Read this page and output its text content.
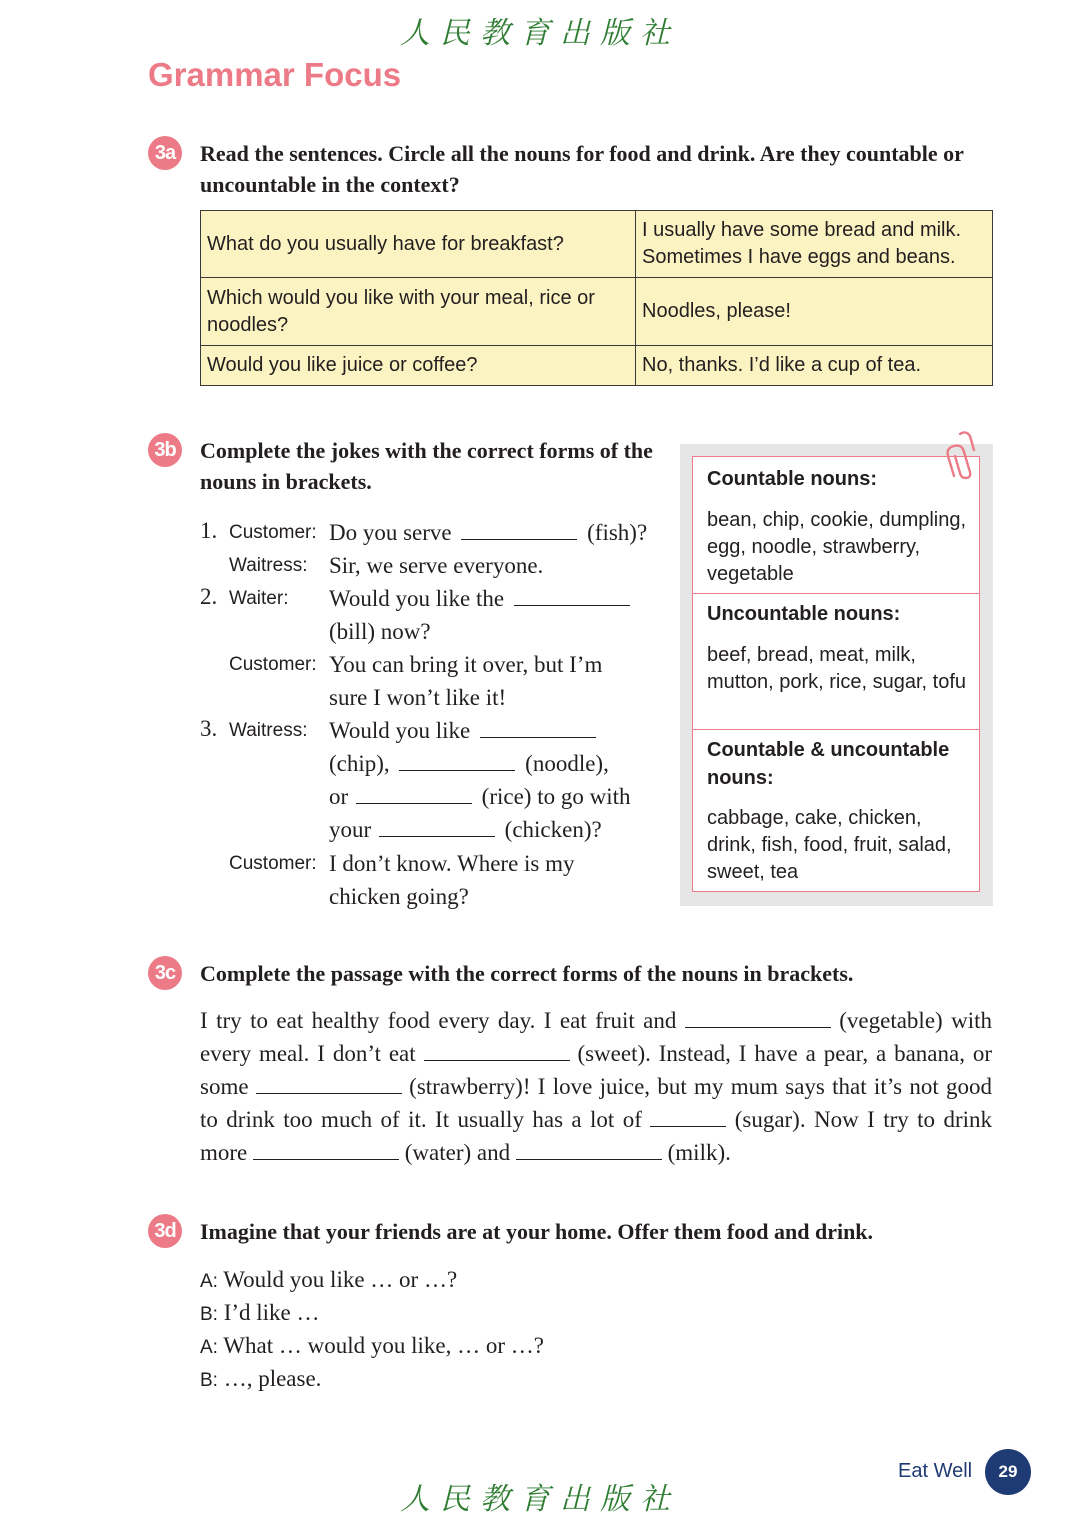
人民教育出版社
Grammar Focus
3a	Read the sentences. Circle all the nouns for food and drink. Are they countable or uncountable in the context?
What do you usually have for breakfast?	I usually have some bread and milk. Sometimes I have eggs and beans.
Which would you like with your meal, rice or noodles?	Noodles, please!
Would you like juice or coffee?	No, thanks. I’d like a cup of tea.
3b Complete the jokes with the correct forms of the nouns in brackets.
1. Customer: Do you serve	(fish)?
Waitress: Sir, we serve everyone.
2. Waiter: Would you like the
(bill) now?
Customer: You can bring it over, but I’m
sure I won’t like it!
3. Waitress: Would you like
(chip),	(noodle),
or	(rice) to go with
your	(chicken)?
Customer: I don’t know. Where is my
chicken going?
Countable nouns:
bean, chip, cookie, dumpling, egg, noodle, strawberry, vegetable
Uncountable nouns:
beef, bread, meat, milk, mutton, pork, rice, sugar, tofu
Countable & uncountable nouns:
cabbage, cake, chicken, drink, fish, food, fruit, salad, sweet, tea
3c	Complete the passage with the correct forms of the nouns in brackets.
I try to eat healthy food every day. I eat fruit and	(vegetable) with every meal. I don’t eat	(sweet). Instead, I have a pear, a banana, or some	(strawberry)! I love juice, but my mum says that it’s not good to drink too much of it. It usually has a lot of	(sugar). Now I try to drink more	(water) and	(milk).
3d Imagine that your friends are at your home. Offer them food and drink.
A: Would you like … or …?
B: I’d like …
A: What … would you like, … or …?
B: …, please.
Eat Well	29
人民教育出版社
